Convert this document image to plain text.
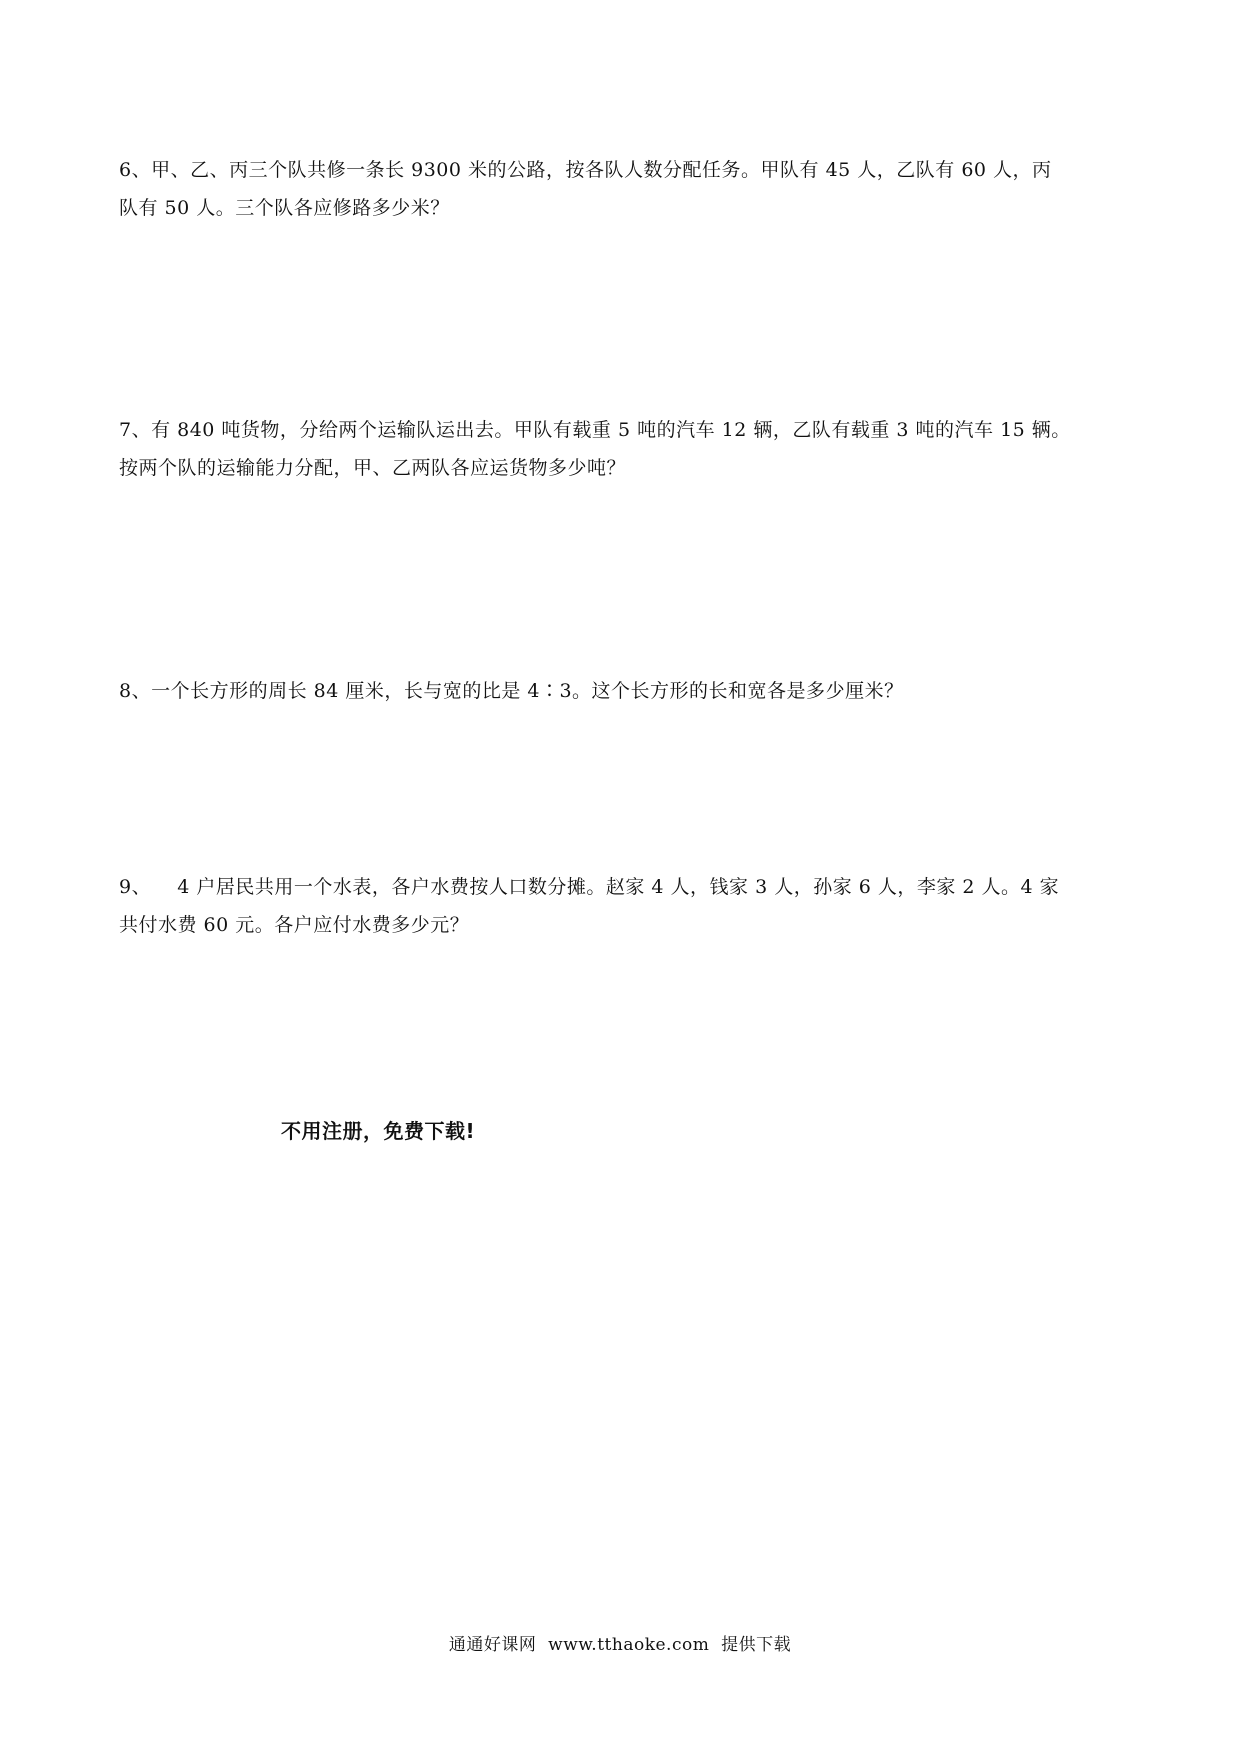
6、甲、乙、丙三个队共修一条长 9300 米的公路，按各队人数分配任务。甲队有 45 人，乙队有 60 人，丙
队有 50 人。三个队各应修路多少米？
7、有 840 吨货物，分给两个运输队运出去。甲队有载重 5 吨的汽车 12 辆，乙队有载重 3 吨的汽车 15 辆。
按两个队的运输能力分配，甲、乙两队各应运货物多少吨？
8、一个长方形的周长 84 厘米，长与宽的比是 4∶3。这个长方形的长和宽各是多少厘米？
9、    4 户居民共用一个水表，各户水费按人口数分摊。赵家 4 人，钱家 3 人，孙家 6 人，李家 2 人。4 家
共付水费 60 元。各户应付水费多少元？
不用注册，免费下载!
通通好课网  www.tthaoke.com  提供下载
